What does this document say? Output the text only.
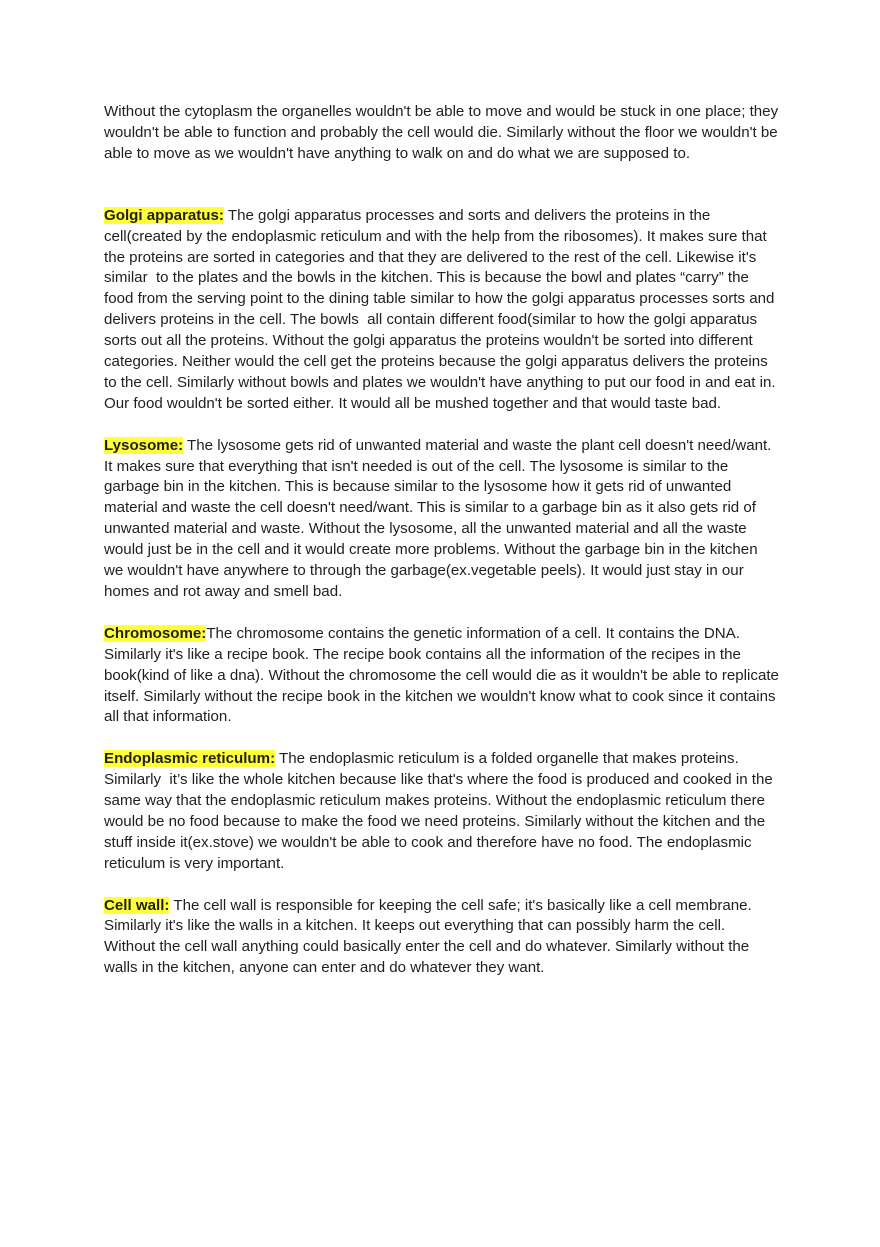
Without the cytoplasm the organelles wouldn't be able to move and would be stuck in one place; they wouldn't be able to function and probably the cell would die. Similarly without the floor we wouldn't be able to move as we wouldn't have anything to walk on and do what we are supposed to.

Golgi apparatus: The golgi apparatus processes and sorts and delivers the proteins in the cell(created by the endoplasmic reticulum and with the help from the ribosomes). It makes sure that the proteins are sorted in categories and that they are delivered to the rest of the cell. Likewise it's similar  to the plates and the bowls in the kitchen. This is because the bowl and plates “carry” the food from the serving point to the dining table similar to how the golgi apparatus processes sorts and delivers proteins in the cell. The bowls  all contain different food(similar to how the golgi apparatus sorts out all the proteins. Without the golgi apparatus the proteins wouldn't be sorted into different categories. Neither would the cell get the proteins because the golgi apparatus delivers the proteins to the cell. Similarly without bowls and plates we wouldn't have anything to put our food in and eat in. Our food wouldn't be sorted either. It would all be mushed together and that would taste bad.

Lysosome: The lysosome gets rid of unwanted material and waste the plant cell doesn't need/want. It makes sure that everything that isn't needed is out of the cell. The lysosome is similar to the garbage bin in the kitchen. This is because similar to the lysosome how it gets rid of unwanted material and waste the cell doesn't need/want. This is similar to a garbage bin as it also gets rid of unwanted material and waste. Without the lysosome, all the unwanted material and all the waste would just be in the cell and it would create more problems. Without the garbage bin in the kitchen we wouldn't have anywhere to through the garbage(ex.vegetable peels). It would just stay in our homes and rot away and smell bad.

Chromosome:The chromosome contains the genetic information of a cell. It contains the DNA. Similarly it's like a recipe book. The recipe book contains all the information of the recipes in the book(kind of like a dna). Without the chromosome the cell would die as it wouldn't be able to replicate itself. Similarly without the recipe book in the kitchen we wouldn't know what to cook since it contains all that information.

Endoplasmic reticulum: The endoplasmic reticulum is a folded organelle that makes proteins. Similarly  it’s like the whole kitchen because like that's where the food is produced and cooked in the same way that the endoplasmic reticulum makes proteins. Without the endoplasmic reticulum there would be no food because to make the food we need proteins. Similarly without the kitchen and the stuff inside it(ex.stove) we wouldn't be able to cook and therefore have no food. The endoplasmic reticulum is very important.

Cell wall: The cell wall is responsible for keeping the cell safe; it's basically like a cell membrane. Similarly it's like the walls in a kitchen. It keeps out everything that can possibly harm the cell. Without the cell wall anything could basically enter the cell and do whatever. Similarly without the walls in the kitchen, anyone can enter and do whatever they want.
